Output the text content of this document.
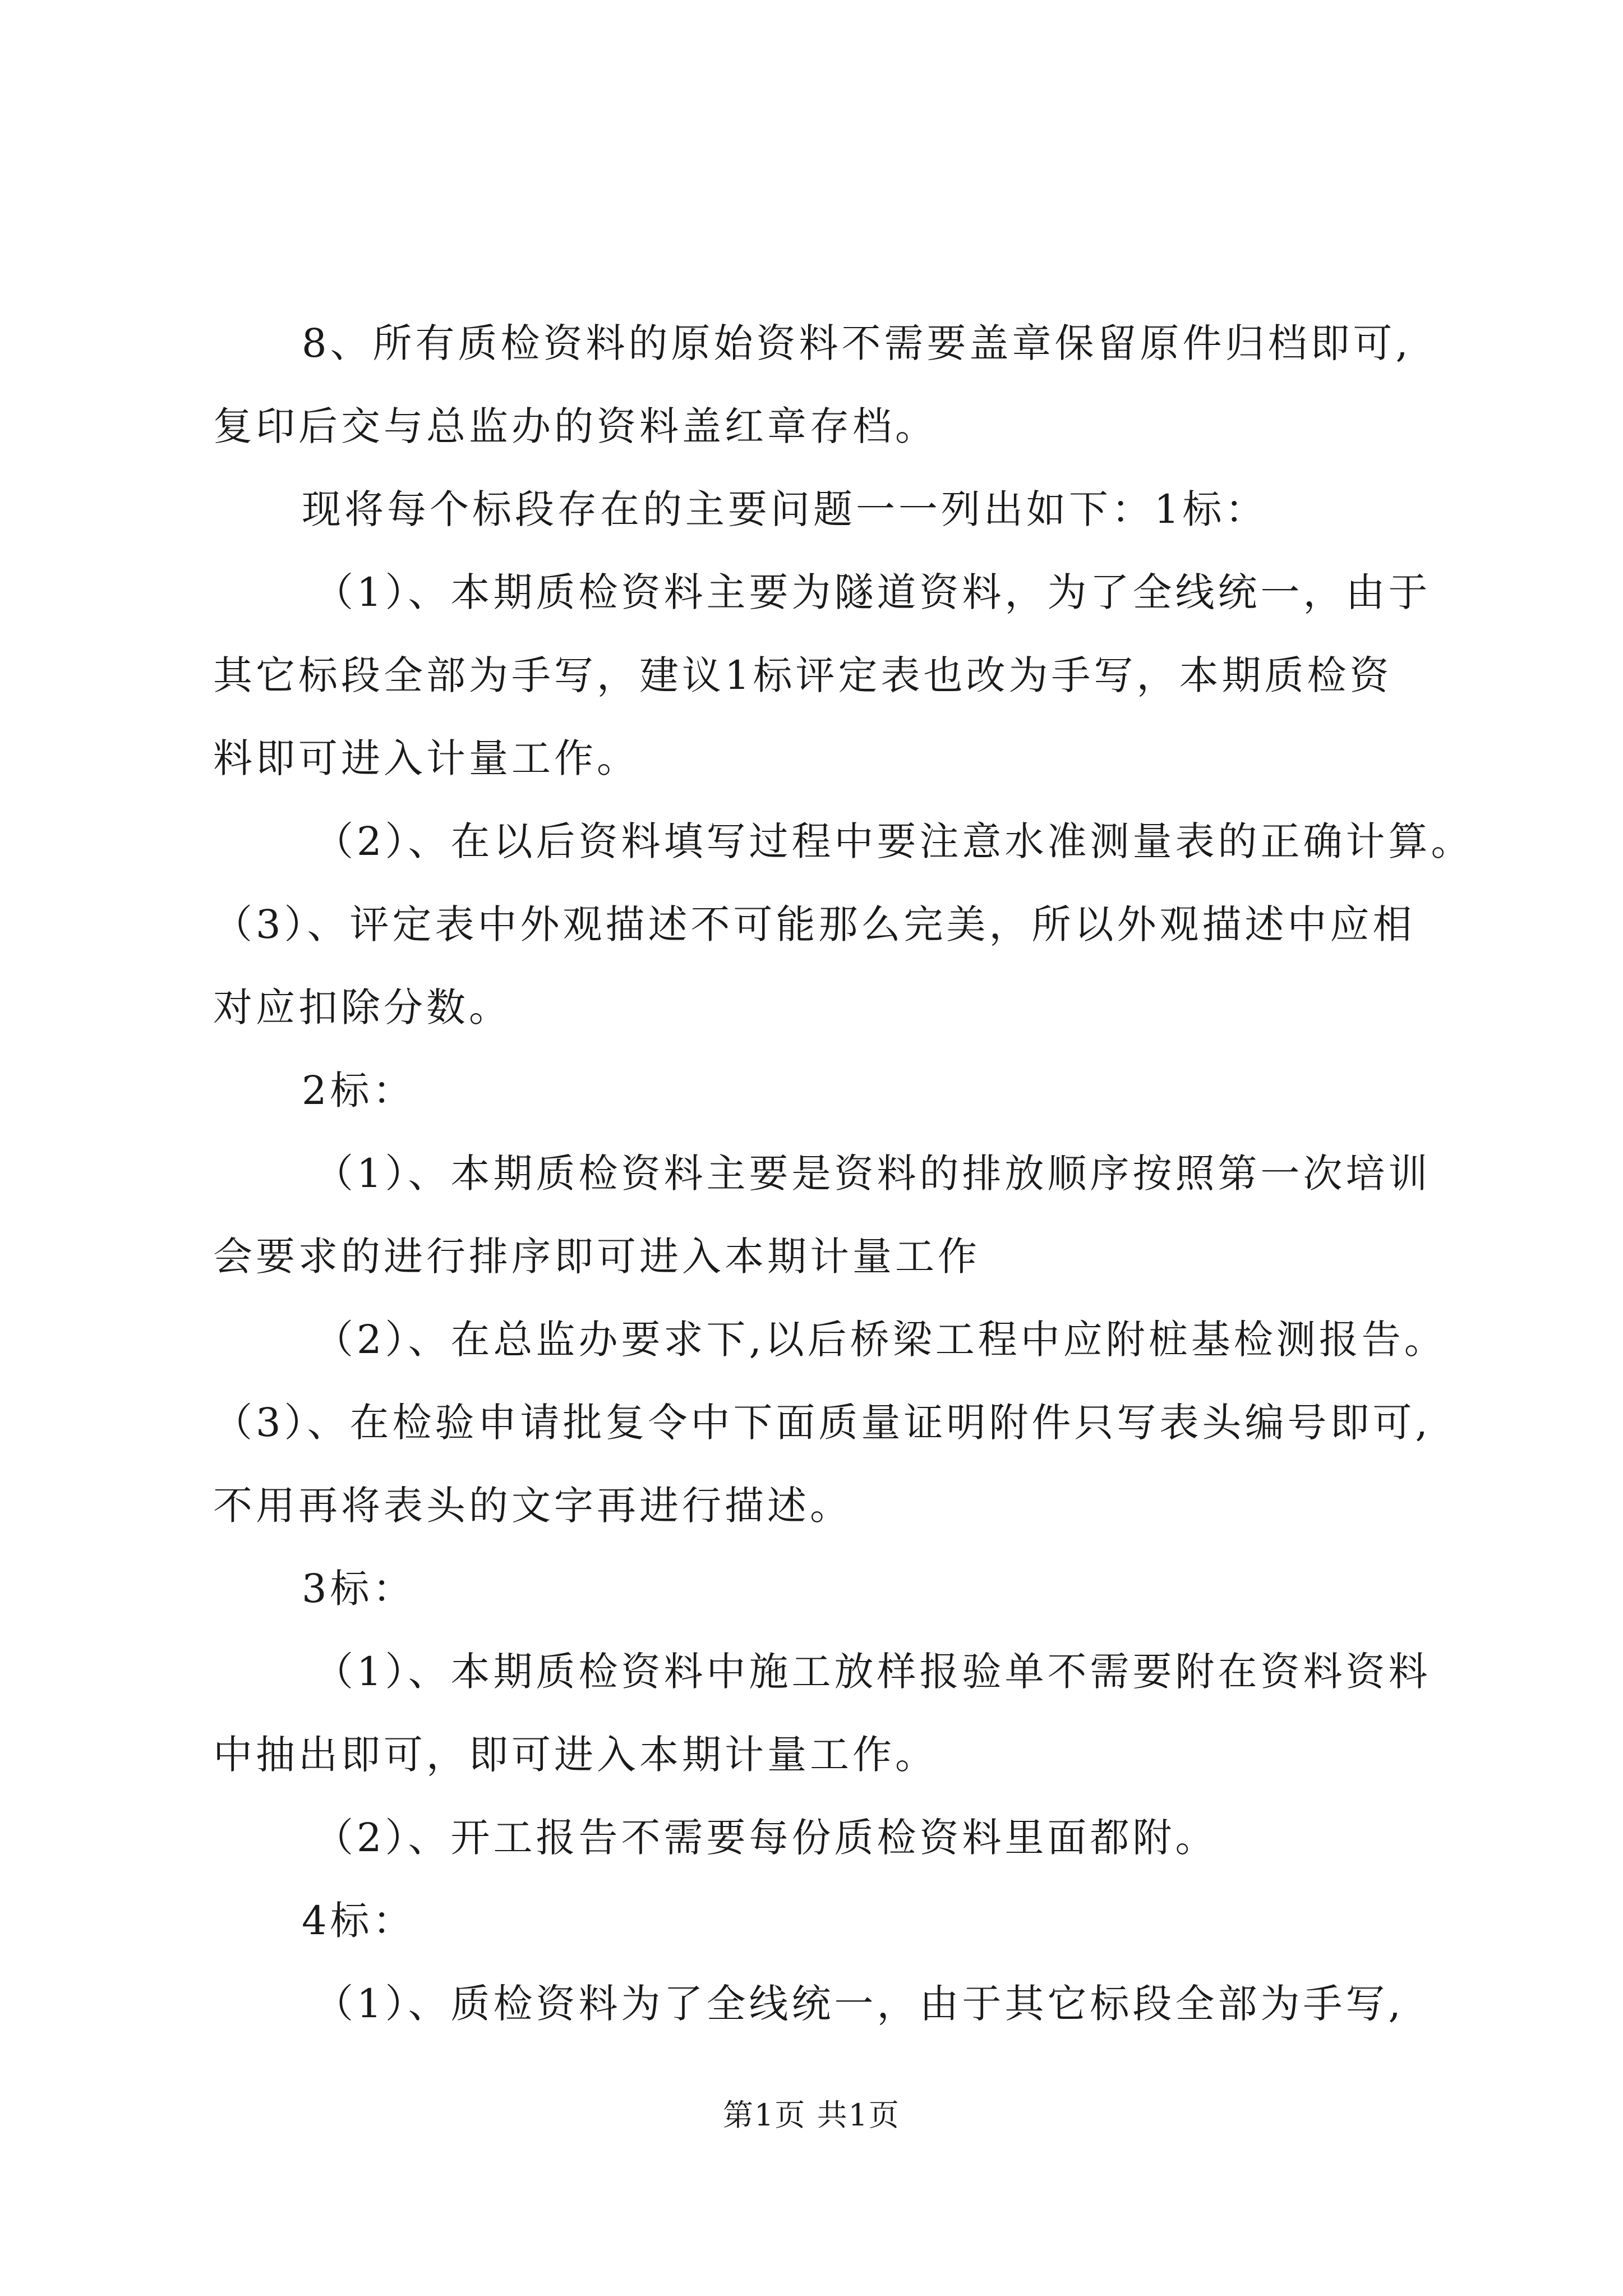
8、所有质检资料的原始资料不需要盖章保留原件归档即可,
复印后交与总监办的资料盖红章存档。
现将每个标段存在的主要问题一一列出如下：1标：
（1）、本期质检资料主要为隧道资料，为了全线统一，由于
其它标段全部为手写，建议1标评定表也改为手写，本期质检资
料即可进入计量工作。
（2）、在以后资料填写过程中要注意水准测量表的正确计算。
（3）、评定表中外观描述不可能那么完美，所以外观描述中应相
对应扣除分数。
2标：
（1）、本期质检资料主要是资料的排放顺序按照第一次培训
会要求的进行排序即可进入本期计量工作
（2）、在总监办要求下,以后桥梁工程中应附桩基检测报告。
（3）、在检验申请批复令中下面质量证明附件只写表头编号即可,
不用再将表头的文字再进行描述。
3标：
（1）、本期质检资料中施工放样报验单不需要附在资料资料
中抽出即可，即可进入本期计量工作。
（2）、开工报告不需要每份质检资料里面都附。
4标：
（1）、质检资料为了全线统一，由于其它标段全部为手写,
第1页 共1页
